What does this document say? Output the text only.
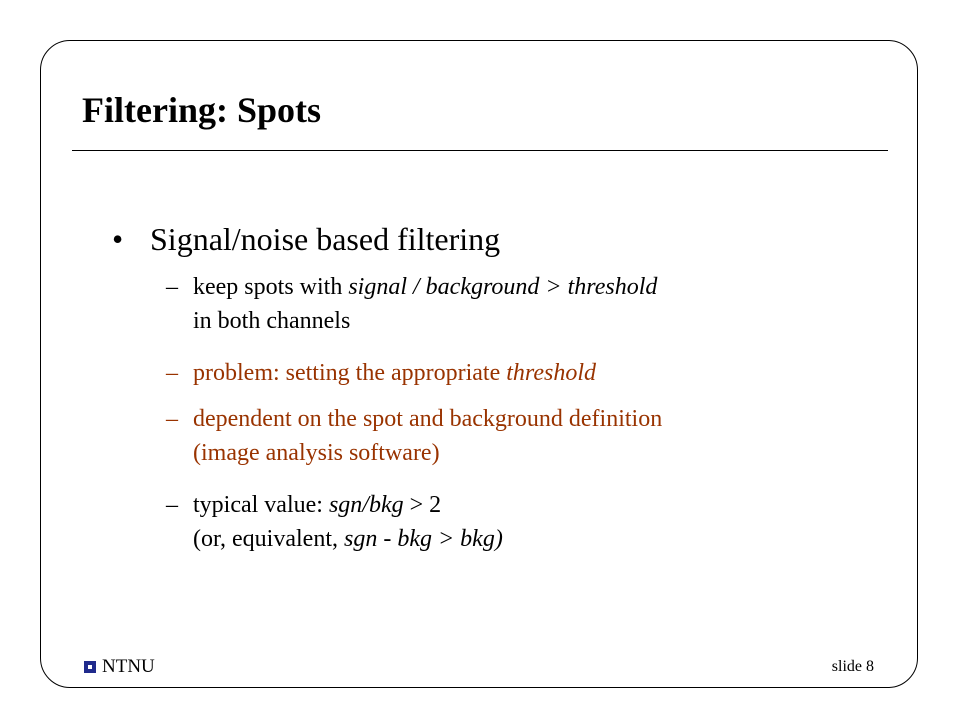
Filtering: Spots
• Signal/noise based filtering
– keep spots with signal / background > threshold
in both channels
– problem: setting the appropriate threshold
– dependent on the spot and background definition
(image analysis software)
– typical value: sgn/bkg > 2
(or, equivalent, sgn - bkg > bkg)
NTNU	slide 8
